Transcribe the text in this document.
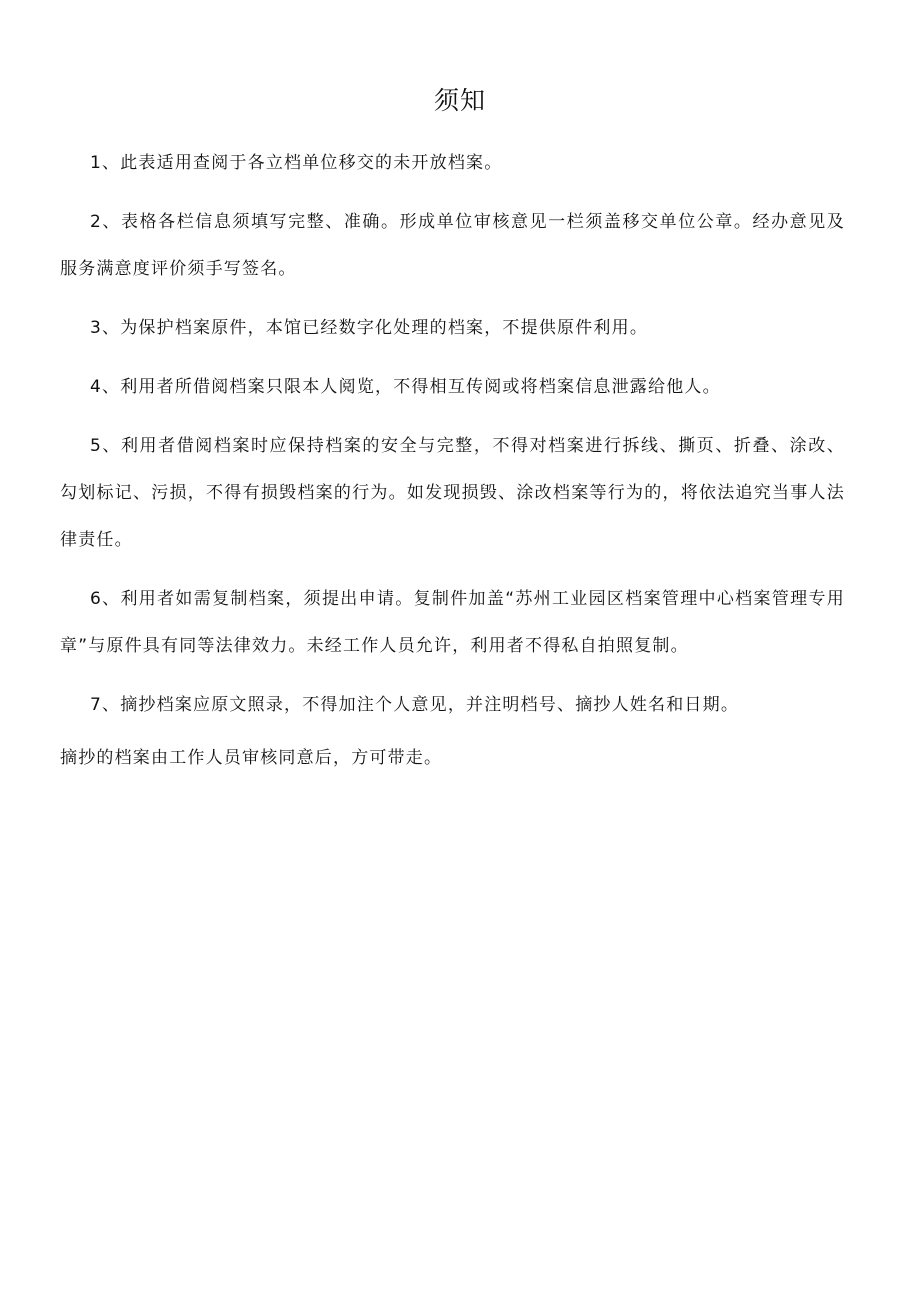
须知

1、此表适用查阅于各立档单位移交的未开放档案。

2、表格各栏信息须填写完整、准确。形成单位审核意见一栏须盖移交单位公章。经办意见及服务满意度评价须手写签名。

3、为保护档案原件，本馆已经数字化处理的档案，不提供原件利用。

4、利用者所借阅档案只限本人阅览，不得相互传阅或将档案信息泄露给他人。

5、利用者借阅档案时应保持档案的安全与完整，不得对档案进行拆线、撕页、折叠、涂改、勾划标记、污损，不得有损毁档案的行为。如发现损毁、涂改档案等行为的，将依法追究当事人法律责任。

6、利用者如需复制档案，须提出申请。复制件加盖“苏州工业园区档案管理中心档案管理专用章”与原件具有同等法律效力。未经工作人员允许，利用者不得私自拍照复制。

7、摘抄档案应原文照录，不得加注个人意见，并注明档号、摘抄人姓名和日期。

摘抄的档案由工作人员审核同意后，方可带走。
